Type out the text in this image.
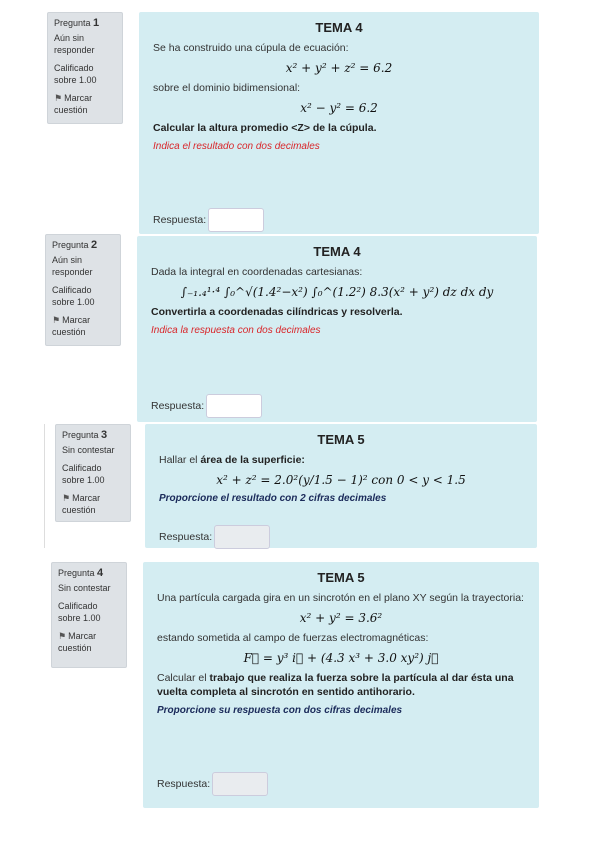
Pregunta 1
Aún sin responder
Calificado sobre 1.00
⚑ Marcar cuestión
TEMA 4
Se ha construido una cúpula de ecuación:
x² + y² + z² = 6.2
sobre el dominio bidimensional:
x² − y² = 6.2
Calcular la altura promedio <Z> de la cúpula.
Indica el resultado con dos decimales
Respuesta:
Pregunta 2
Aún sin responder
Calificado sobre 1.00
⚑ Marcar cuestión
TEMA 4
Dada la integral en coordenadas cartesianas:
∫₋₁.₄¹·⁴ ∫₀^√(1.4²−x²) ∫₀^(1.2²) 8.3(x² + y²) dz dx dy
Convertirla a coordenadas cilíndricas y resolverla.
Indica la respuesta con dos decimales
Respuesta:
Pregunta 3
Sin contestar
Calificado sobre 1.00
⚑ Marcar cuestión
TEMA 5
Hallar el área de la superficie:
x² + z² = 2.0²(y/1.5 − 1)² con 0 < y < 1.5
Proporcione el resultado con 2 cifras decimales
Respuesta:
Pregunta 4
Sin contestar
Calificado sobre 1.00
⚑ Marcar cuestión
TEMA 5
Una partícula cargada gira en un sincrotón en el plano XY según la trayectoria:
x² + y² = 3.6²
estando sometida al campo de fuerzas electromagnéticas:
F⃗ = y³ i⃗ + (4.3 x³ + 3.0 xy²) j⃗
Calcular el trabajo que realiza la fuerza sobre la partícula al dar ésta una vuelta completa al sincrotón en sentido antihorario.
Proporcione su respuesta con dos cifras decimales
Respuesta:
